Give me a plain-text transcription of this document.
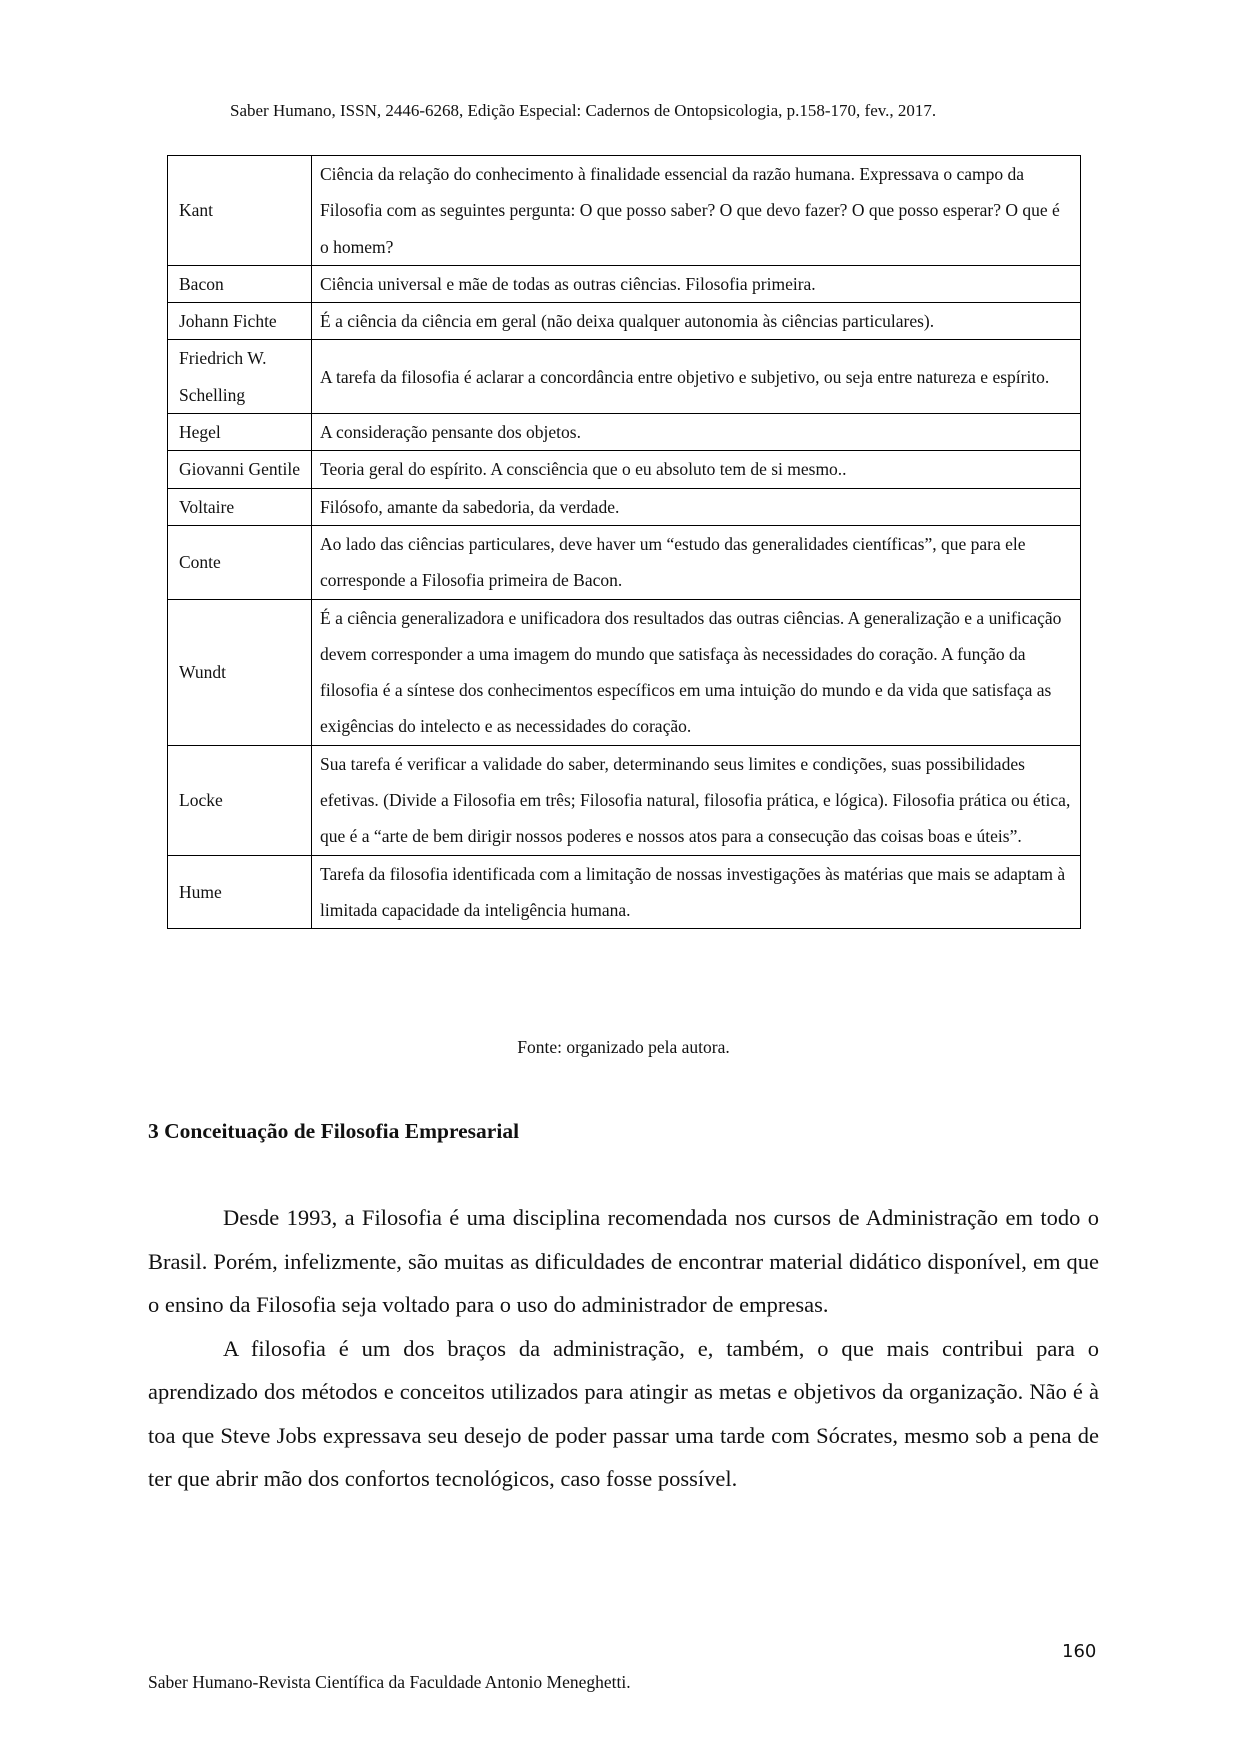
Saber Humano, ISSN, 2446-6268, Edição Especial: Cadernos de Ontopsicologia, p.158-170, fev., 2017.
Kant	Ciência da relação do conhecimento à finalidade essencial da razão humana. Expressava o campo da Filosofia com as seguintes pergunta: O que posso saber? O que devo fazer? O que posso esperar? O que é o homem?
Bacon	Ciência universal e mãe de todas as outras ciências. Filosofia primeira.
Johann Fichte	É a ciência da ciência em geral (não deixa qualquer autonomia às ciências particulares).
Friedrich W. Schelling	A tarefa da filosofia é aclarar a concordância entre objetivo e subjetivo, ou seja entre natureza e espírito.
Hegel	A consideração pensante dos objetos.
Giovanni Gentile	Teoria geral do espírito. A consciência que o eu absoluto tem de si mesmo..
Voltaire	Filósofo, amante da sabedoria, da verdade.
Conte	Ao lado das ciências particulares, deve haver um “estudo das generalidades científicas”, que para ele corresponde a Filosofia primeira de Bacon.
Wundt	É a ciência generalizadora e unificadora dos resultados das outras ciências. A generalização e a unificação devem corresponder a uma imagem do mundo que satisfaça às necessidades do coração. A função da filosofia é a síntese dos conhecimentos específicos em uma intuição do mundo e da vida que satisfaça as exigências do intelecto e as necessidades do coração.
Locke	Sua tarefa é verificar a validade do saber, determinando seus limites e condições, suas possibilidades efetivas. (Divide a Filosofia em três; Filosofia natural, filosofia prática, e lógica). Filosofia prática ou ética, que é a “arte de bem dirigir nossos poderes e nossos atos para a consecução das coisas boas e úteis”.
Hume	Tarefa da filosofia identificada com a limitação de nossas investigações às matérias que mais se adaptam à limitada capacidade da inteligência humana.
Fonte: organizado pela autora.
3 Conceituação de Filosofia Empresarial

Desde 1993, a Filosofia é uma disciplina recomendada nos cursos de Administração em todo o Brasil. Porém, infelizmente, são muitas as dificuldades de encontrar material didático disponível, em que o ensino da Filosofia seja voltado para o uso do administrador de empresas.

A filosofia é um dos braços da administração, e, também, o que mais contribui para o aprendizado dos métodos e conceitos utilizados para atingir as metas e objetivos da organização. Não é à toa que Steve Jobs expressava seu desejo de poder passar uma tarde com Sócrates, mesmo sob a pena de ter que abrir mão dos confortos tecnológicos, caso fosse possível.

160
Saber Humano-Revista Científica da Faculdade Antonio Meneghetti.
